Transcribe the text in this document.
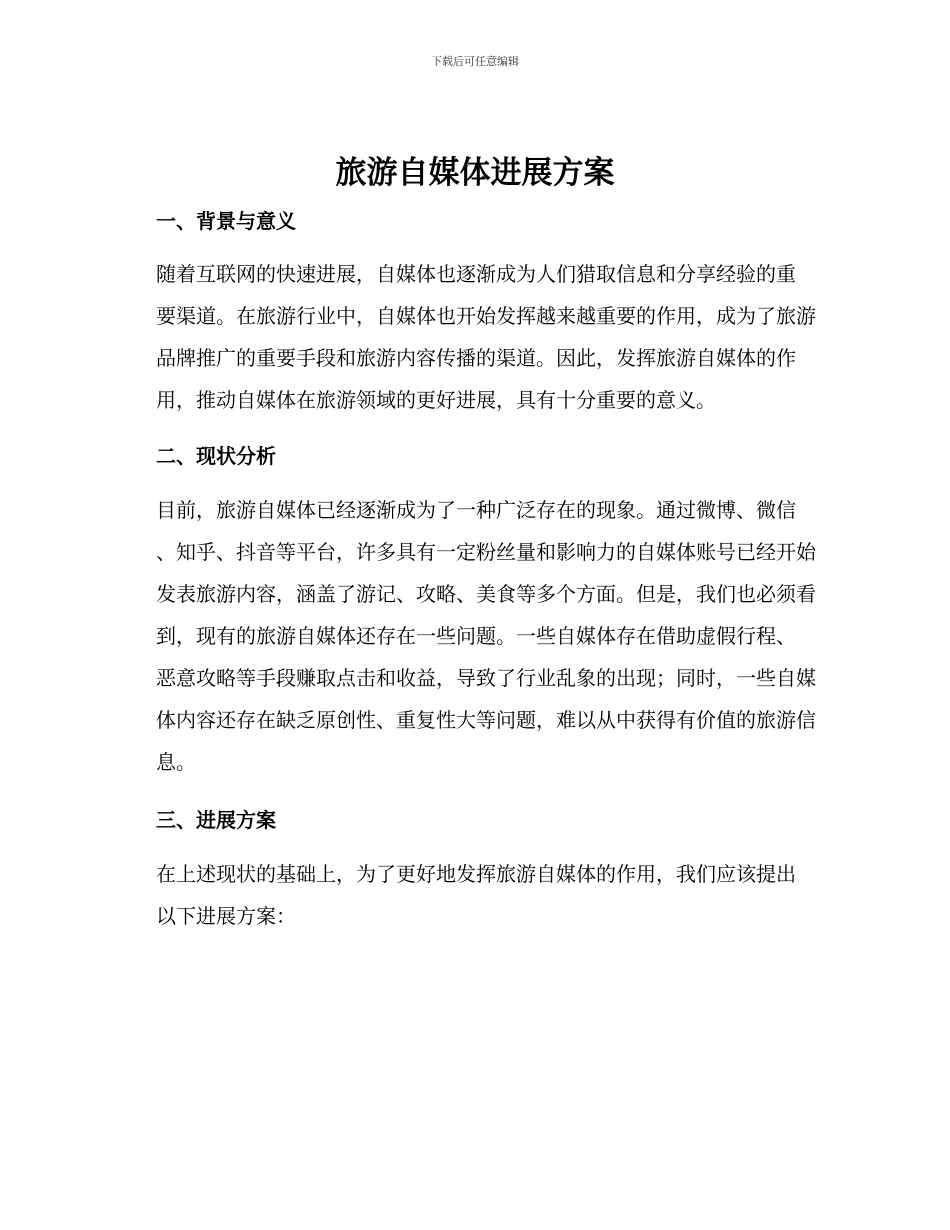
下载后可任意编辑
旅游自媒体进展方案
一、背景与意义

随着互联网的快速进展，自媒体也逐渐成为人们猎取信息和分享经验的重
要渠道。在旅游行业中，自媒体也开始发挥越来越重要的作用，成为了旅游
品牌推广的重要手段和旅游内容传播的渠道。因此，发挥旅游自媒体的作
用，推动自媒体在旅游领域的更好进展，具有十分重要的意义。

二、现状分析

目前，旅游自媒体已经逐渐成为了一种广泛存在的现象。通过微博、微信
、知乎、抖音等平台，许多具有一定粉丝量和影响力的自媒体账号已经开始
发表旅游内容，涵盖了游记、攻略、美食等多个方面。但是，我们也必须看
到，现有的旅游自媒体还存在一些问题。一些自媒体存在借助虚假行程、
恶意攻略等手段赚取点击和收益，导致了行业乱象的出现；同时，一些自媒
体内容还存在缺乏原创性、重复性大等问题，难以从中获得有价值的旅游信
息。

三、进展方案

在上述现状的基础上，为了更好地发挥旅游自媒体的作用，我们应该提出
以下进展方案：
